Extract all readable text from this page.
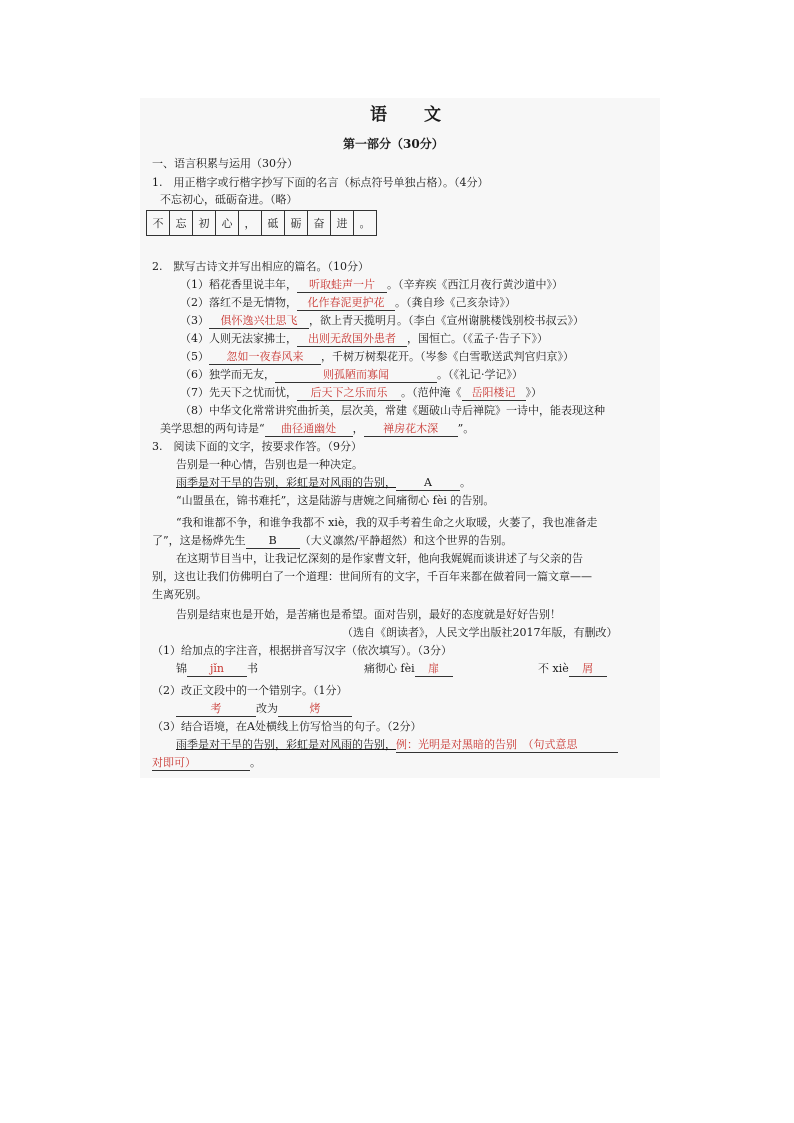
语　文
第一部分（30分）
一、语言积累与运用（30分）
1.　用正楷字或行楷字抄写下面的名言（标点符号单独占格）。（4分）
不忘初心，砥砺奋进。（略）
不	忘	初	心	，	砥	砺	奋	进	。
2.　默写古诗文并写出相应的篇名。（10分）
（1）稻花香里说丰年， 听取蛙声一片 。（辛弃疾《西江月夜行黄沙道中》）
（2）落红不是无情物， 化作春泥更护花 。（龚自珍《己亥杂诗》）
（3） 俱怀逸兴壮思飞 ，欲上青天揽明月。（李白《宣州谢朓楼饯别校书叔云》）
（4）人则无法家拂士， 出则无敌国外患者 ，国恒亡。（《孟子·告子下》）
（5） 忽如一夜春风来 ，千树万树梨花开。（岑参《白雪歌送武判官归京》）
（6）独学而无友，	则孤陋而寡闻	。（《礼记·学记》）
（7）先天下之忧而忧， 后天下之乐而乐 。（范仲淹《 岳阳楼记 》）
（8）中华文化常常讲究曲折美，层次美，常建《题破山寺后禅院》一诗中，能表现这种
美学思想的两句诗是“ 曲径通幽处 ， 禅房花木深 ”。
3.　阅读下面的文字，按要求作答。（9分）
告别是一种心情，告别也是一种决定。
雨季是对干旱的告别，彩虹是对风雨的告别，	A	。
“山盟虽在，锦书难托”，这是陆游与唐婉之间痛彻心 fèi 的告别。
“我和谁都不争，和谁争我都不 xiè，我的双手考着生命之火取暖，火萎了，我也准备走
了”，这是杨烨先生 B （大义凛然/平静超然）和这个世界的告别。
在这期节目当中，让我记忆深刻的是作家曹文轩，他向我娓娓而谈讲述了与父亲的告
别，这也让我们仿佛明白了一个道理：世间所有的文字，千百年来都在做着同一篇文章——
生离死别。
告别是结束也是开始，是苦痛也是希望。面对告别，最好的态度就是好好告别！
（选自《朗读者》，人民文学出版社2017年版，有删改）
（1）给加点的字注音，根据拼音写汉字（依次填写）。（3分）
锦 jǐn 书	痛彻心 fèi 扉	不 xiè 屑
（2）改正文段中的一个错别字。（1分）
考	改为	烤
（3）结合语境，在A处横线上仿写恰当的句子。（2分）
雨季是对干旱的告别，彩虹是对风雨的告别，例：光明是对黑暗的告别　（句式意思
对即可）	。
